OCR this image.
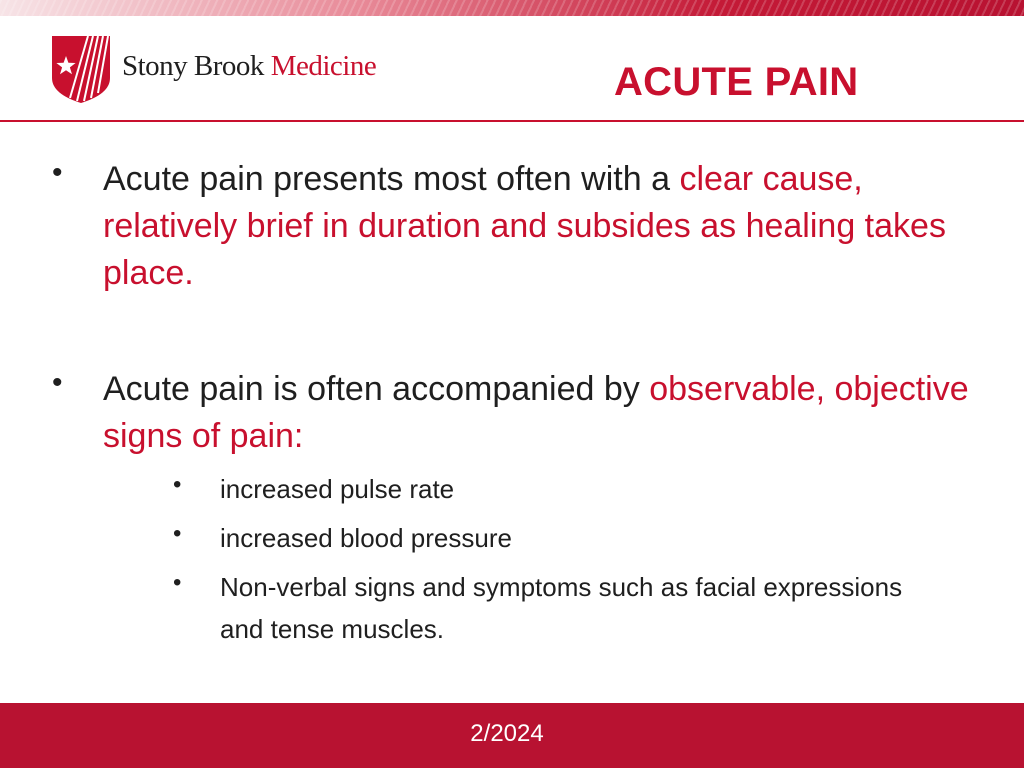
Stony Brook Medicine	ACUTE PAIN
• Acute pain presents most often with a clear cause, relatively brief in duration and subsides as healing takes place.
• Acute pain is often accompanied by observable, objective signs of pain:
• increased pulse rate
• increased blood pressure
• Non-verbal signs and symptoms such as facial expressions and tense muscles.
2/2024
